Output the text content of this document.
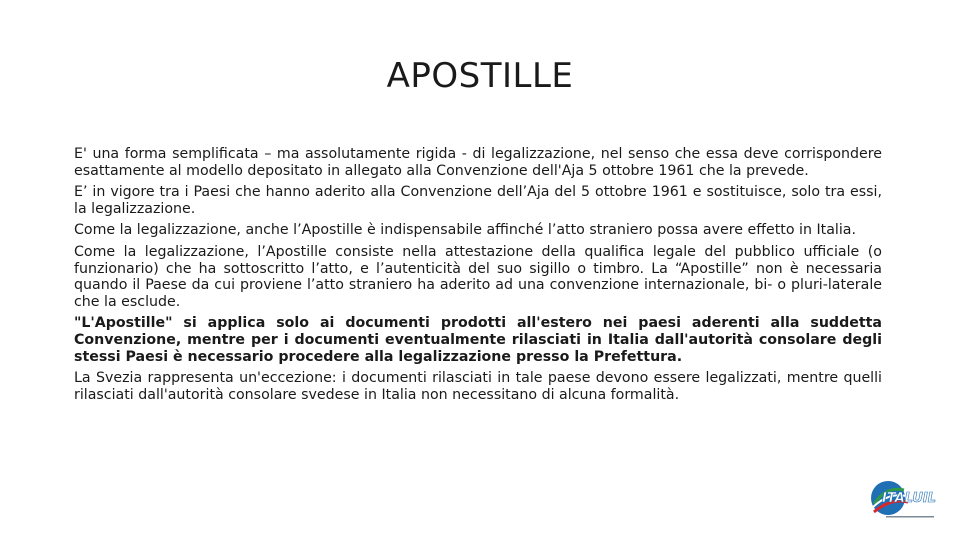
APOSTILLE

E' una forma semplificata – ma assolutamente rigida - di legalizzazione, nel senso che essa deve corrispondere esattamente al modello depositato in allegato alla Convenzione dell'Aja 5 ottobre 1961 che la prevede.

E’ in vigore tra i Paesi che hanno aderito alla Convenzione dell’Aja del 5 ottobre 1961 e sostituisce, solo tra essi, la legalizzazione.

Come la legalizzazione, anche l’Apostille è indispensabile affinché l’atto straniero possa avere effetto in Italia.

Come la legalizzazione, l’Apostille consiste nella attestazione della qualifica legale del pubblico ufficiale (o funzionario) che ha sottoscritto l’atto, e l’autenticità del suo sigillo o timbro. La “Apostille” non è necessaria quando il Paese da cui proviene l’atto straniero ha aderito ad una convenzione internazionale, bi- o pluri-laterale che la esclude.

"L'Apostille" si applica solo ai documenti prodotti all'estero nei paesi aderenti alla suddetta Convenzione, mentre per i documenti eventualmente rilasciati in Italia dall'autorità consolare degli stessi Paesi è necessario procedere alla legalizzazione presso la Prefettura.

La Svezia rappresenta un'eccezione: i documenti rilasciati in tale paese devono essere legalizzati, mentre quelli rilasciati dall'autorità consolare svedese in Italia non necessitano di alcuna formalità.

ITALUIL
